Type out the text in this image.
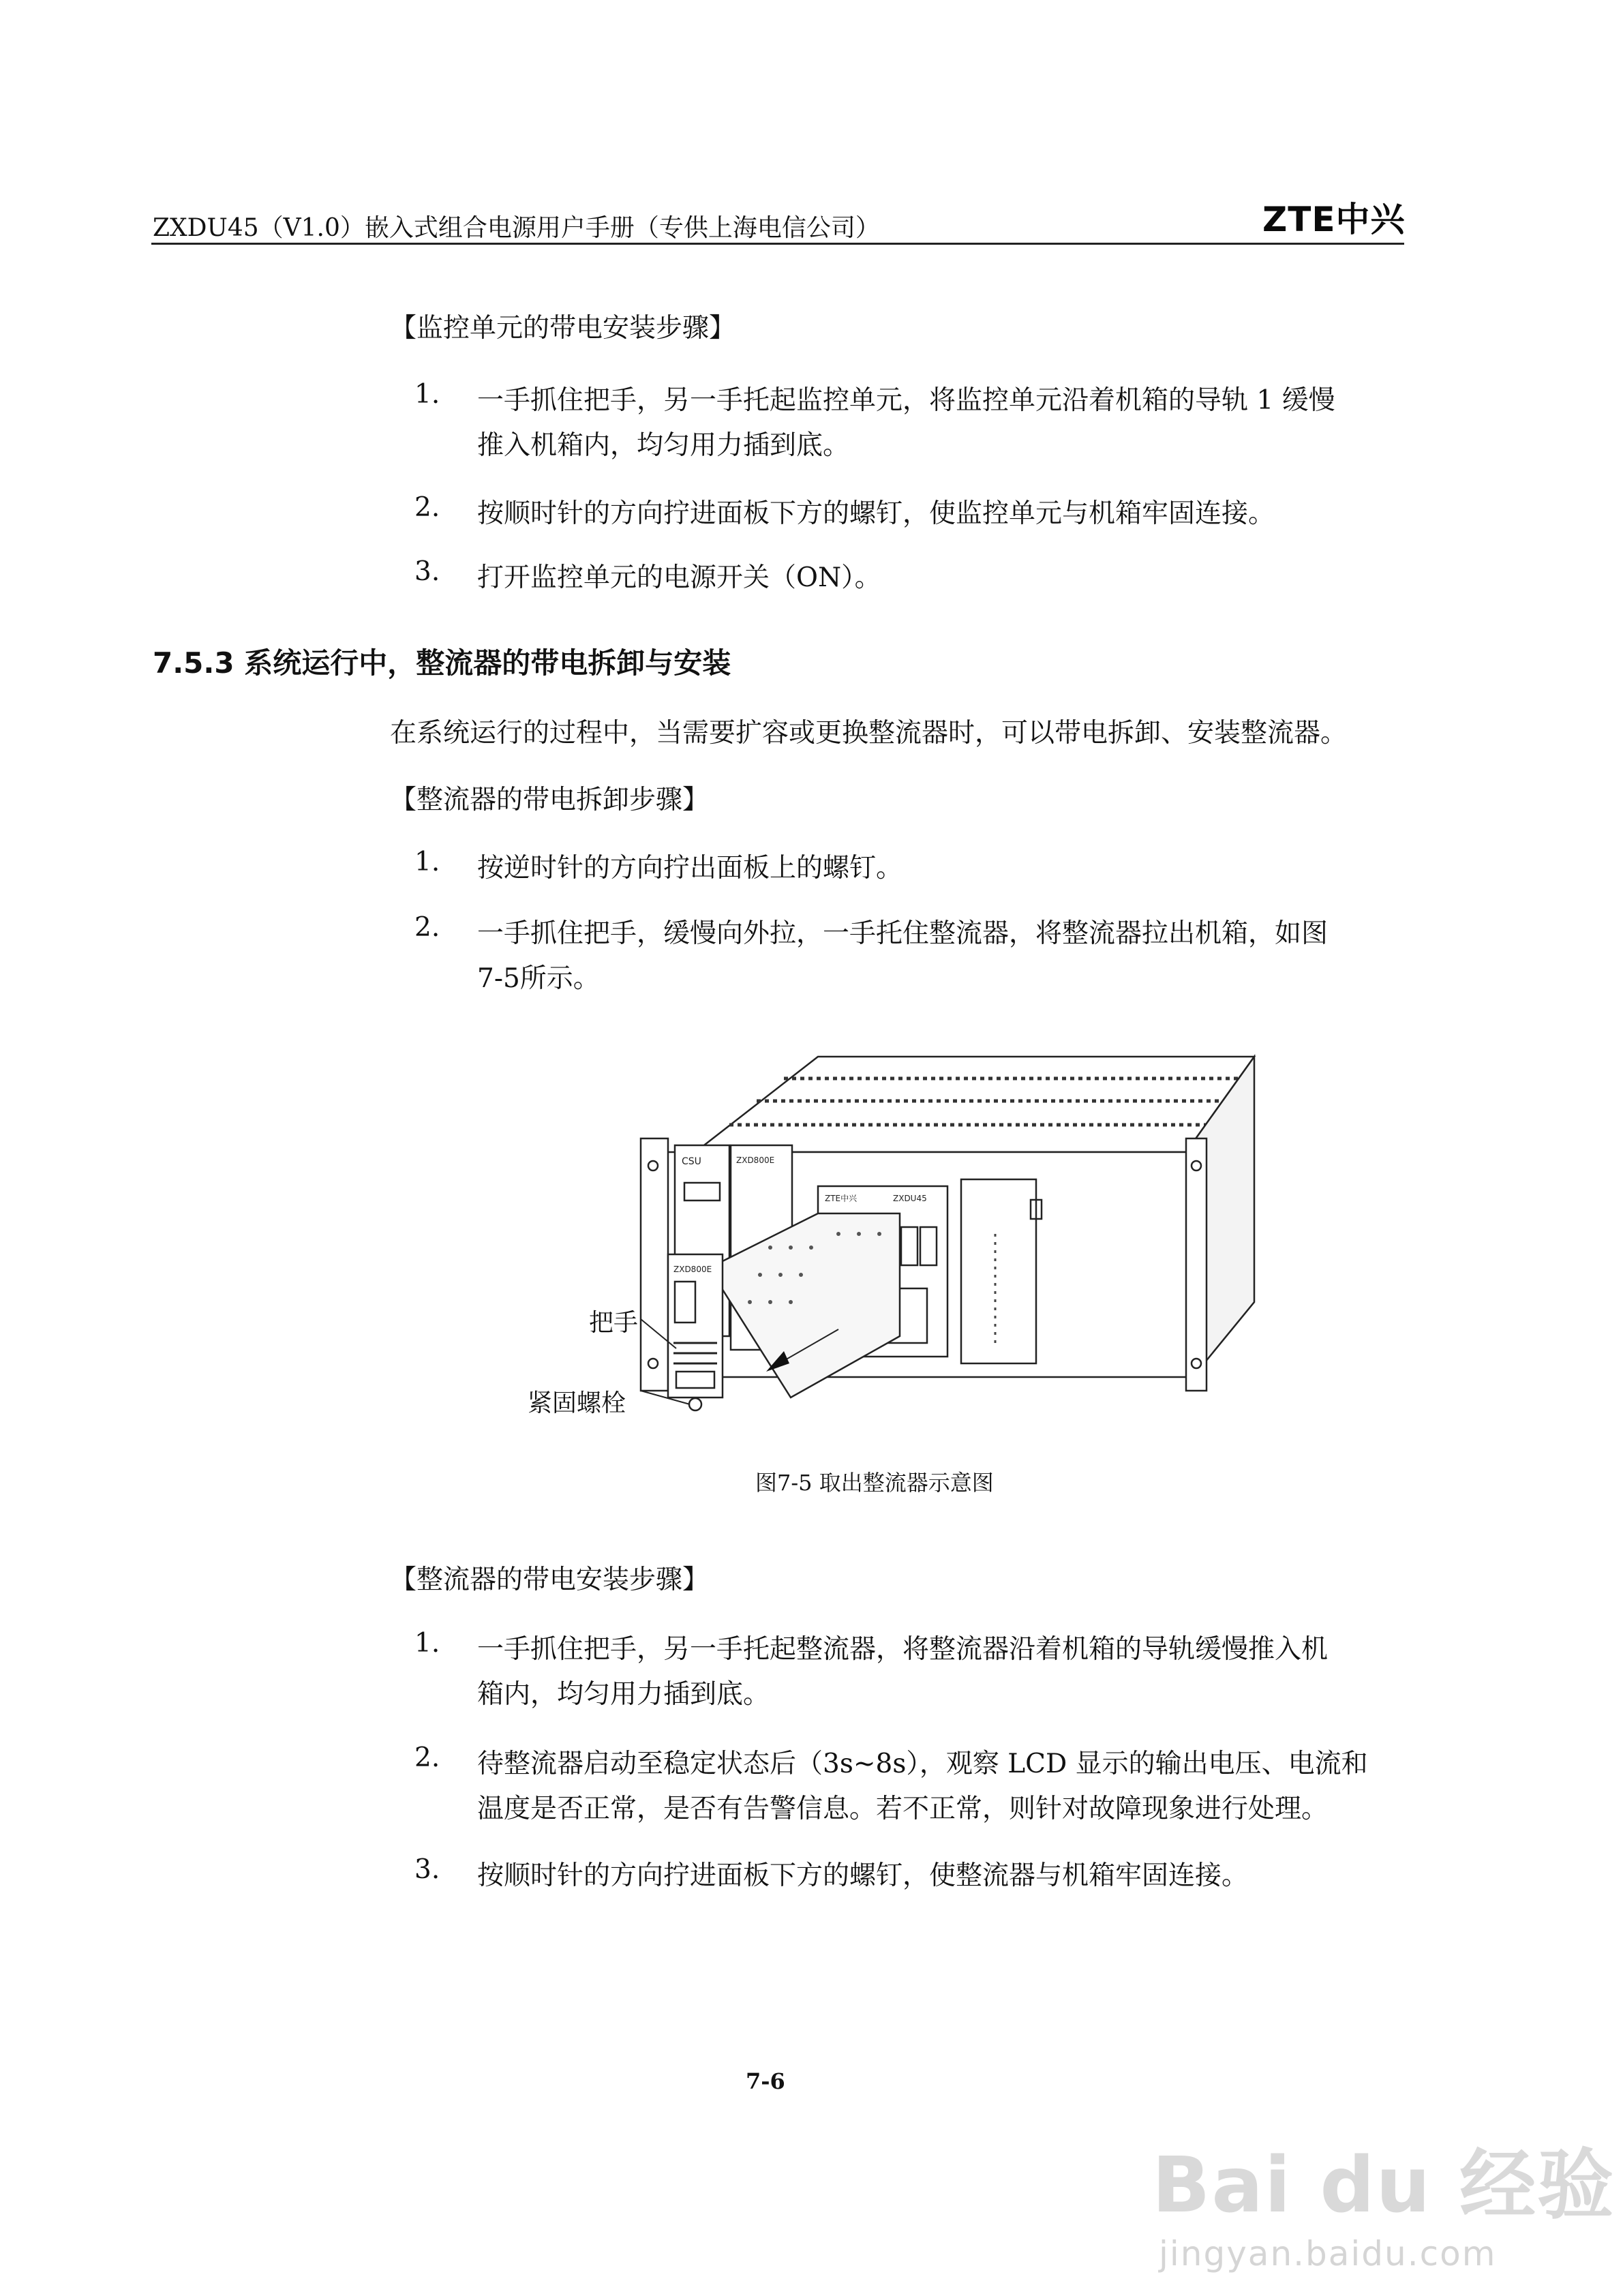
ZXDU45（V1.0）嵌入式组合电源用户手册（专供上海电信公司）	ZTE中兴
【监控单元的带电安装步骤】
1. 一手抓住把手，另一手托起监控单元，将监控单元沿着机箱的导轨 1 缓慢
推入机箱内，均匀用力插到底。
2. 按顺时针的方向拧进面板下方的螺钉，使监控单元与机箱牢固连接。
3. 打开监控单元的电源开关（ON）。
7.5.3 系统运行中，整流器的带电拆卸与安装
在系统运行的过程中，当需要扩容或更换整流器时，可以带电拆卸、安装整流器。
【整流器的带电拆卸步骤】
1. 按逆时针的方向拧出面板上的螺钉。
2. 一手抓住把手，缓慢向外拉，一手托住整流器，将整流器拉出机箱，如图
7-5所示。
CSU	ZXD800E
ZTE中兴	ZXDU45
ZXD800E
把手
紧固螺栓
图7-5 取出整流器示意图
【整流器的带电安装步骤】
1. 一手抓住把手，另一手托起整流器，将整流器沿着机箱的导轨缓慢推入机
箱内，均匀用力插到底。
2. 待整流器启动至稳定状态后（3s~8s），观察 LCD 显示的输出电压、电流和
温度是否正常，是否有告警信息。若不正常，则针对故障现象进行处理。
3. 按顺时针的方向拧进面板下方的螺钉，使整流器与机箱牢固连接。
7-6
Bai du 经验
jingyan.baidu.com
